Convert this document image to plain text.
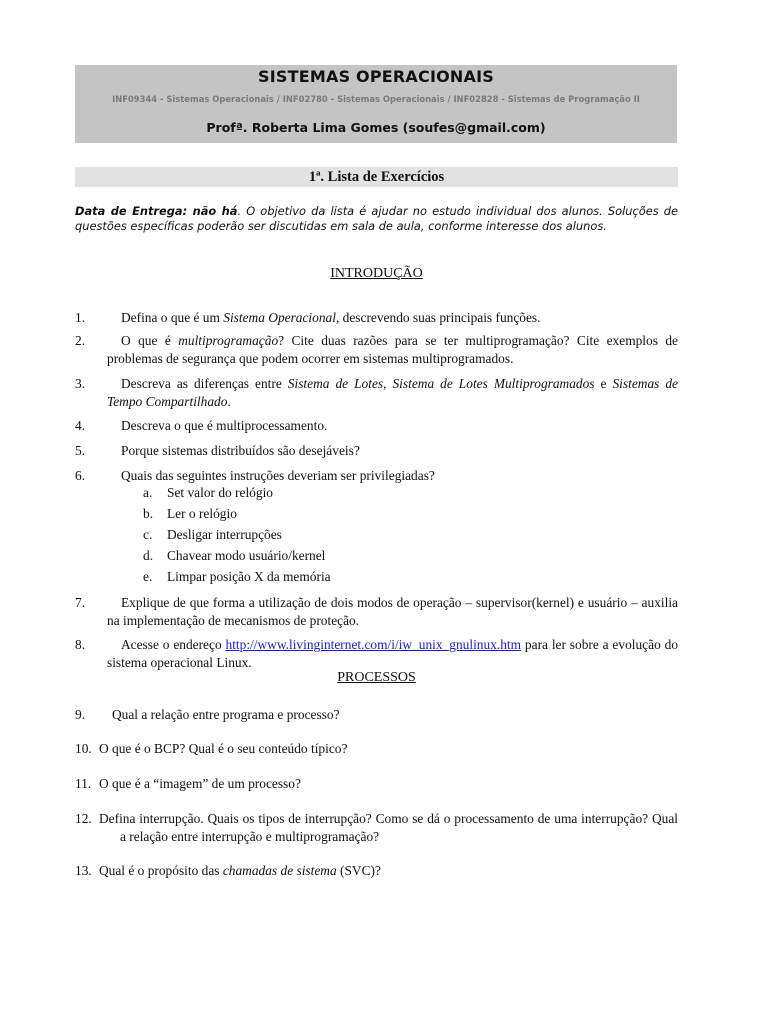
SISTEMAS OPERACIONAIS
INF09344 - Sistemas Operacionais / INF02780 - Sistemas Operacionais / INF02828 - Sistemas de Programação II
Profª. Roberta Lima Gomes (soufes@gmail.com)
1ª. Lista de Exercícios
Data de Entrega: não há. O objetivo da lista é ajudar no estudo individual dos alunos. Soluções de questões específicas poderão ser discutidas em sala de aula, conforme interesse dos alunos.
INTRODUÇÃO
1.	Defina o que é um Sistema Operacional, descrevendo suas principais funções.
2.	O que é multiprogramação? Cite duas razões para se ter multiprogramação? Cite exemplos de problemas de segurança que podem ocorrer em sistemas multiprogramados.
3.	Descreva as diferenças entre Sistema de Lotes, Sistema de Lotes Multiprogramados e Sistemas de Tempo Compartilhado.
4.	Descreva o que é multiprocessamento.
5.	Porque sistemas distribuídos são desejáveis?
6.	Quais das seguintes instruções deveriam ser privilegiadas?
a. Set valor do relógio
b. Ler o relógio
c. Desligar interrupções
d. Chavear modo usuário/kernel
e. Limpar posição X da memória
7.	Explique de que forma a utilização de dois modos de operação – supervisor(kernel) e usuário – auxilia na implementação de mecanismos de proteção.
8.	Acesse o endereço http://www.livinginternet.com/i/iw_unix_gnulinux.htm para ler sobre a evolução do sistema operacional Linux.
PROCESSOS
9.	Qual a relação entre programa e processo?
10. O que é o BCP? Qual é o seu conteúdo típico?
11. O que é a “imagem” de um processo?
12. Defina interrupção. Quais os tipos de interrupção? Como se dá o processamento de uma interrupção? Qual a relação entre interrupção e multiprogramação?
13. Qual é o propósito das chamadas de sistema (SVC)?
